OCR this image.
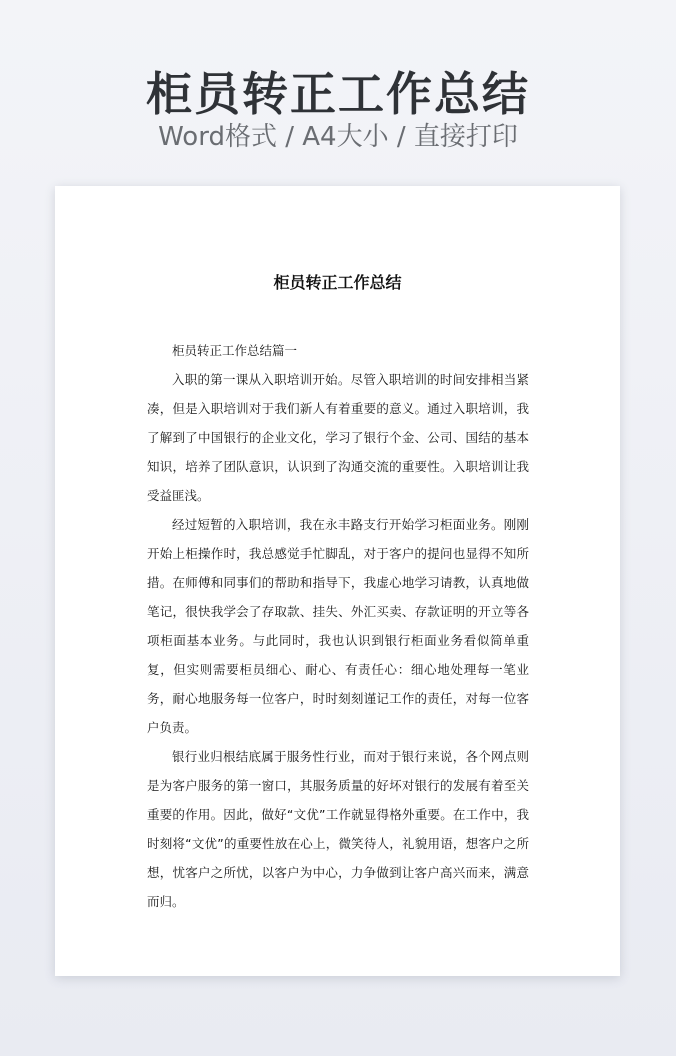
柜员转正工作总结
Word格式 / A4大小 / 直接打印
柜员转正工作总结

柜员转正工作总结篇一

入职的第一课从入职培训开始。尽管入职培训的时间安排相当紧凑，但是入职培训对于我们新人有着重要的意义。通过入职培训，我了解到了中国银行的企业文化，学习了银行个金、公司、国结的基本知识，培养了团队意识，认识到了沟通交流的重要性。入职培训让我受益匪浅。

经过短暂的入职培训，我在永丰路支行开始学习柜面业务。刚刚开始上柜操作时，我总感觉手忙脚乱，对于客户的提问也显得不知所措。在师傅和同事们的帮助和指导下，我虚心地学习请教，认真地做笔记，很快我学会了存取款、挂失、外汇买卖、存款证明的开立等各项柜面基本业务。与此同时，我也认识到银行柜面业务看似简单重复，但实则需要柜员细心、耐心、有责任心：细心地处理每一笔业务，耐心地服务每一位客户，时时刻刻谨记工作的责任，对每一位客户负责。

银行业归根结底属于服务性行业，而对于银行来说，各个网点则是为客户服务的第一窗口，其服务质量的好坏对银行的发展有着至关重要的作用。因此，做好“文优”工作就显得格外重要。在工作中，我时刻将“文优”的重要性放在心上，微笑待人，礼貌用语，想客户之所想，忧客户之所忧，以客户为中心，力争做到让客户高兴而来，满意而归。
